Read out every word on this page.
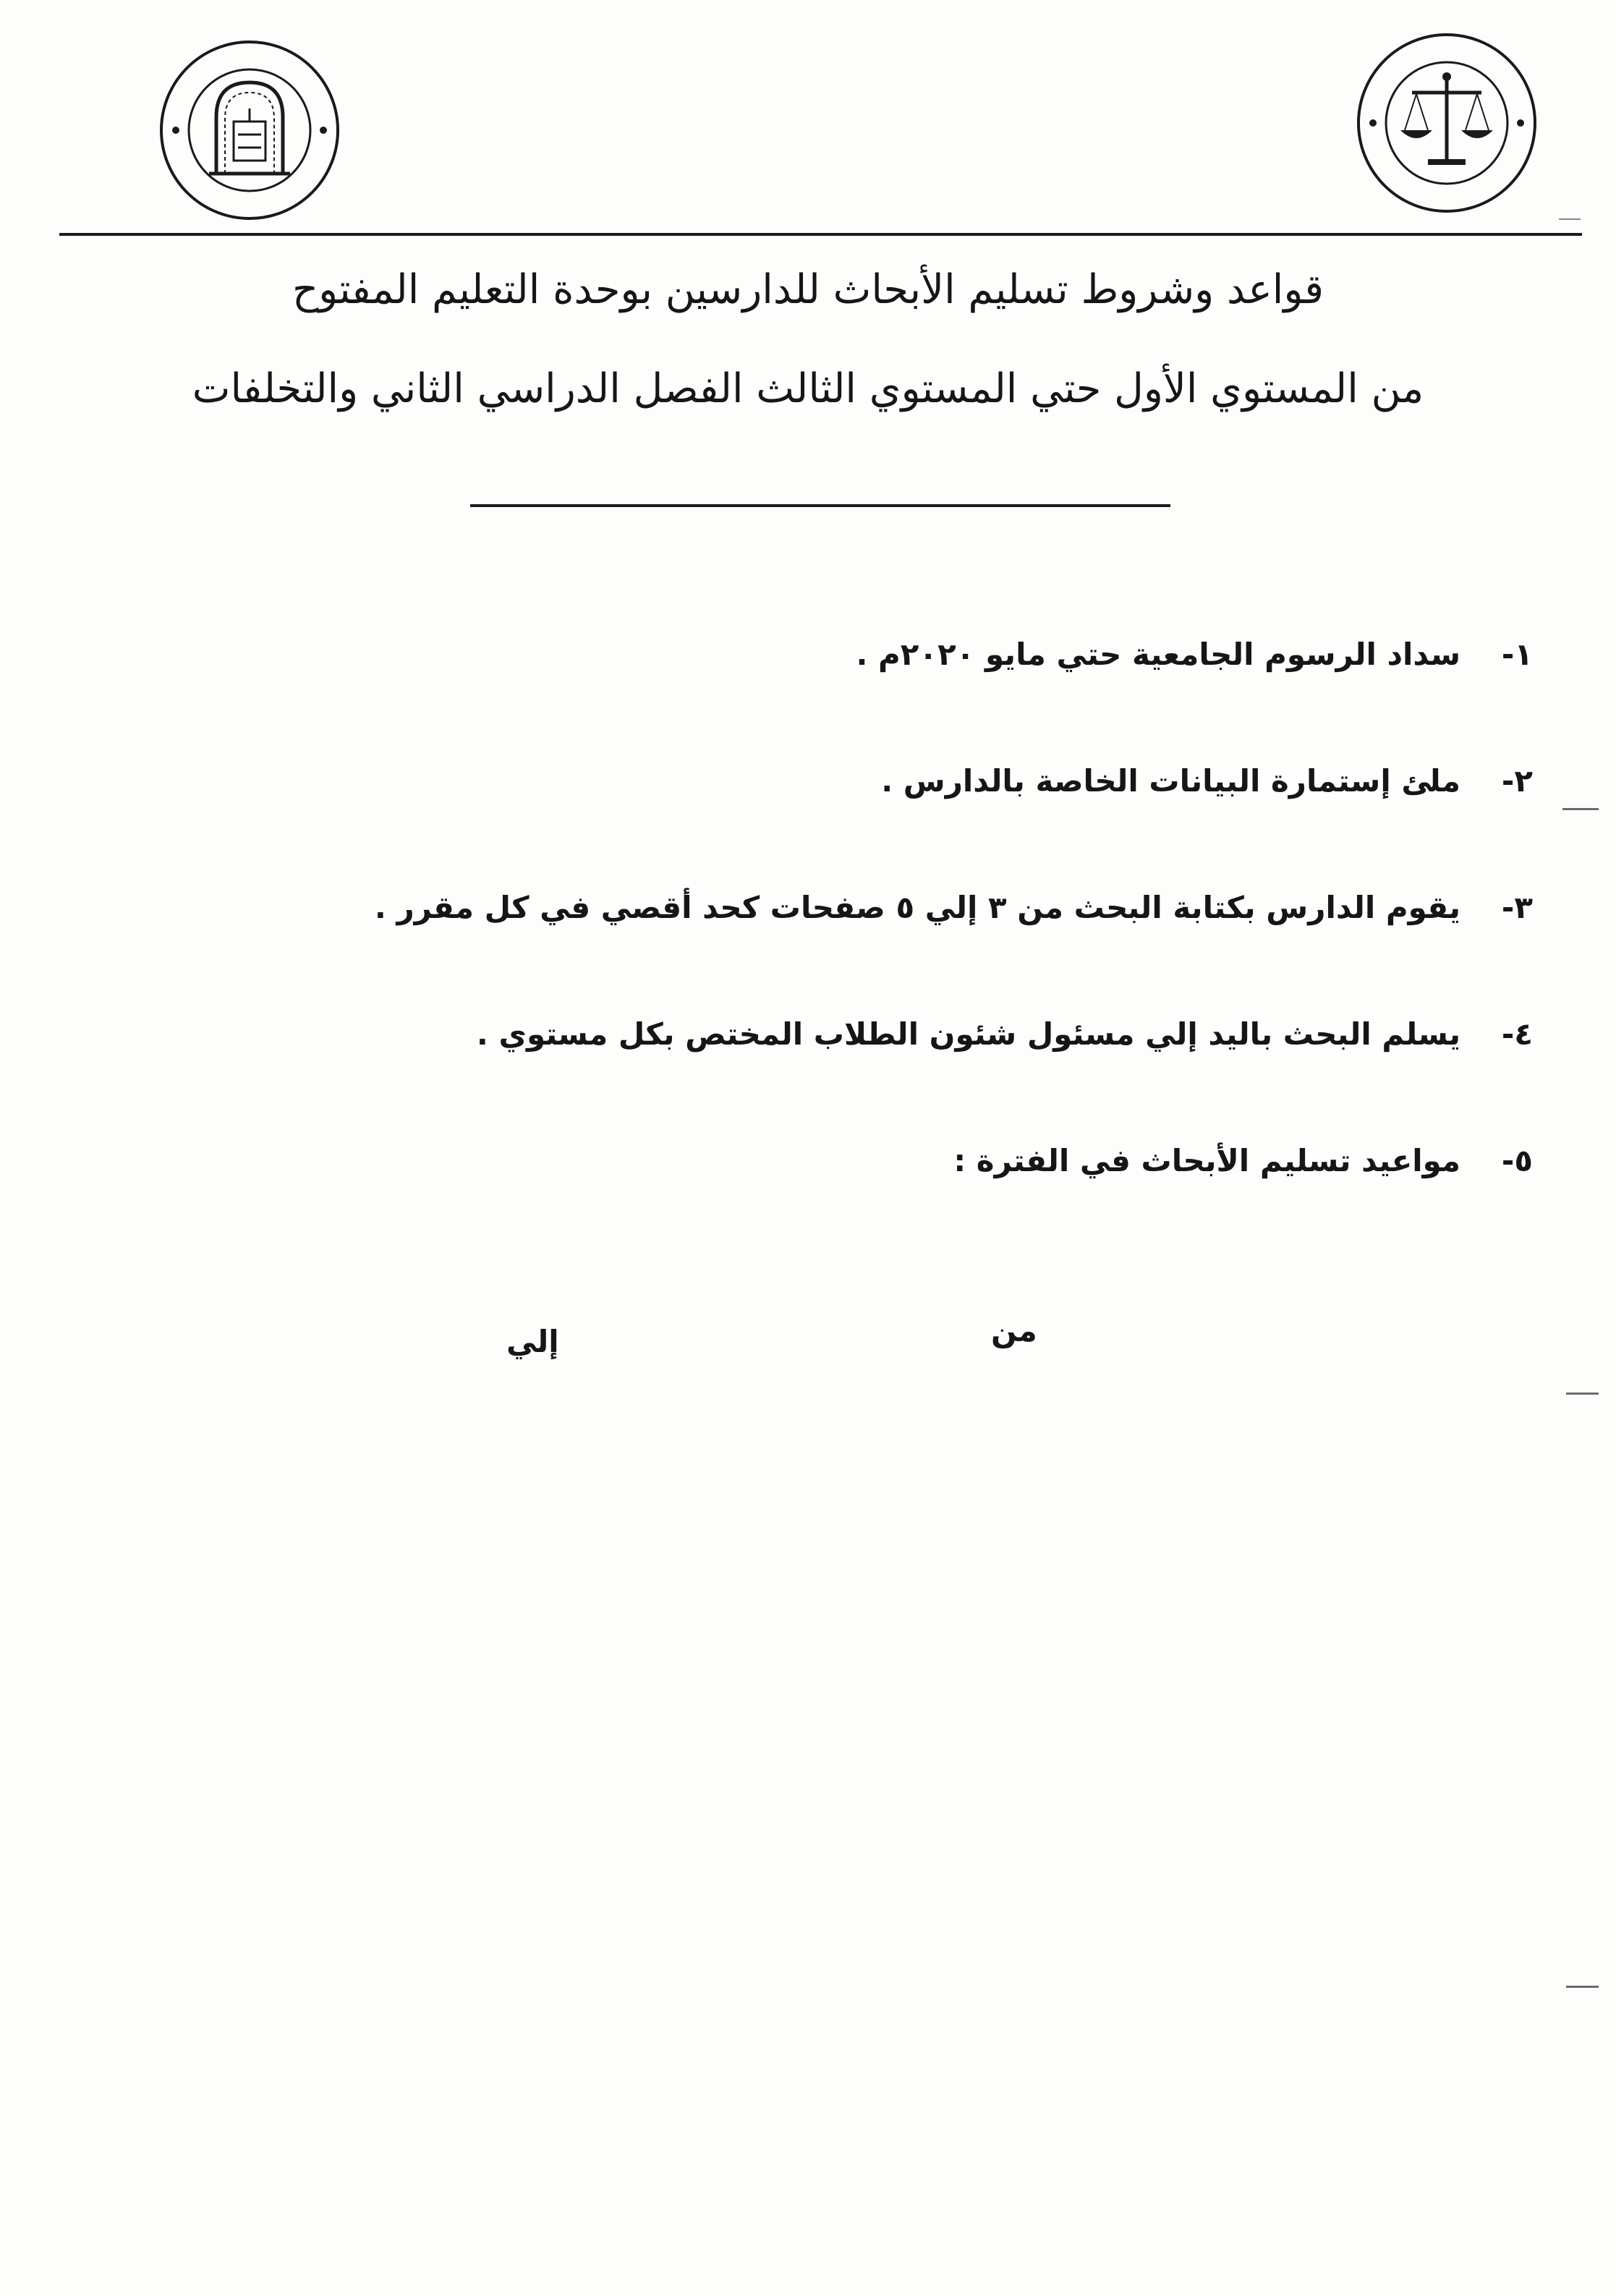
قواعد وشروط تسليم الأبحاث للدارسين بوحدة التعليم المفتوح
من المستوي الأول حتي المستوي الثالث الفصل الدراسي الثاني والتخلفات
١-
سداد الرسوم الجامعية حتي مايو ٢٠٢٠م .
٢-
ملئ إستمارة البيانات الخاصة بالدارس .
٣-
يقوم الدارس بكتابة البحث من ٣ إلي ٥ صفحات كحد أقصي في كل مقرر .
٤-
يسلم البحث باليد إلي مسئول شئون الطلاب المختص بكل مستوي .
٥-
مواعيد تسليم الأبحاث في الفترة :
من
إلي
